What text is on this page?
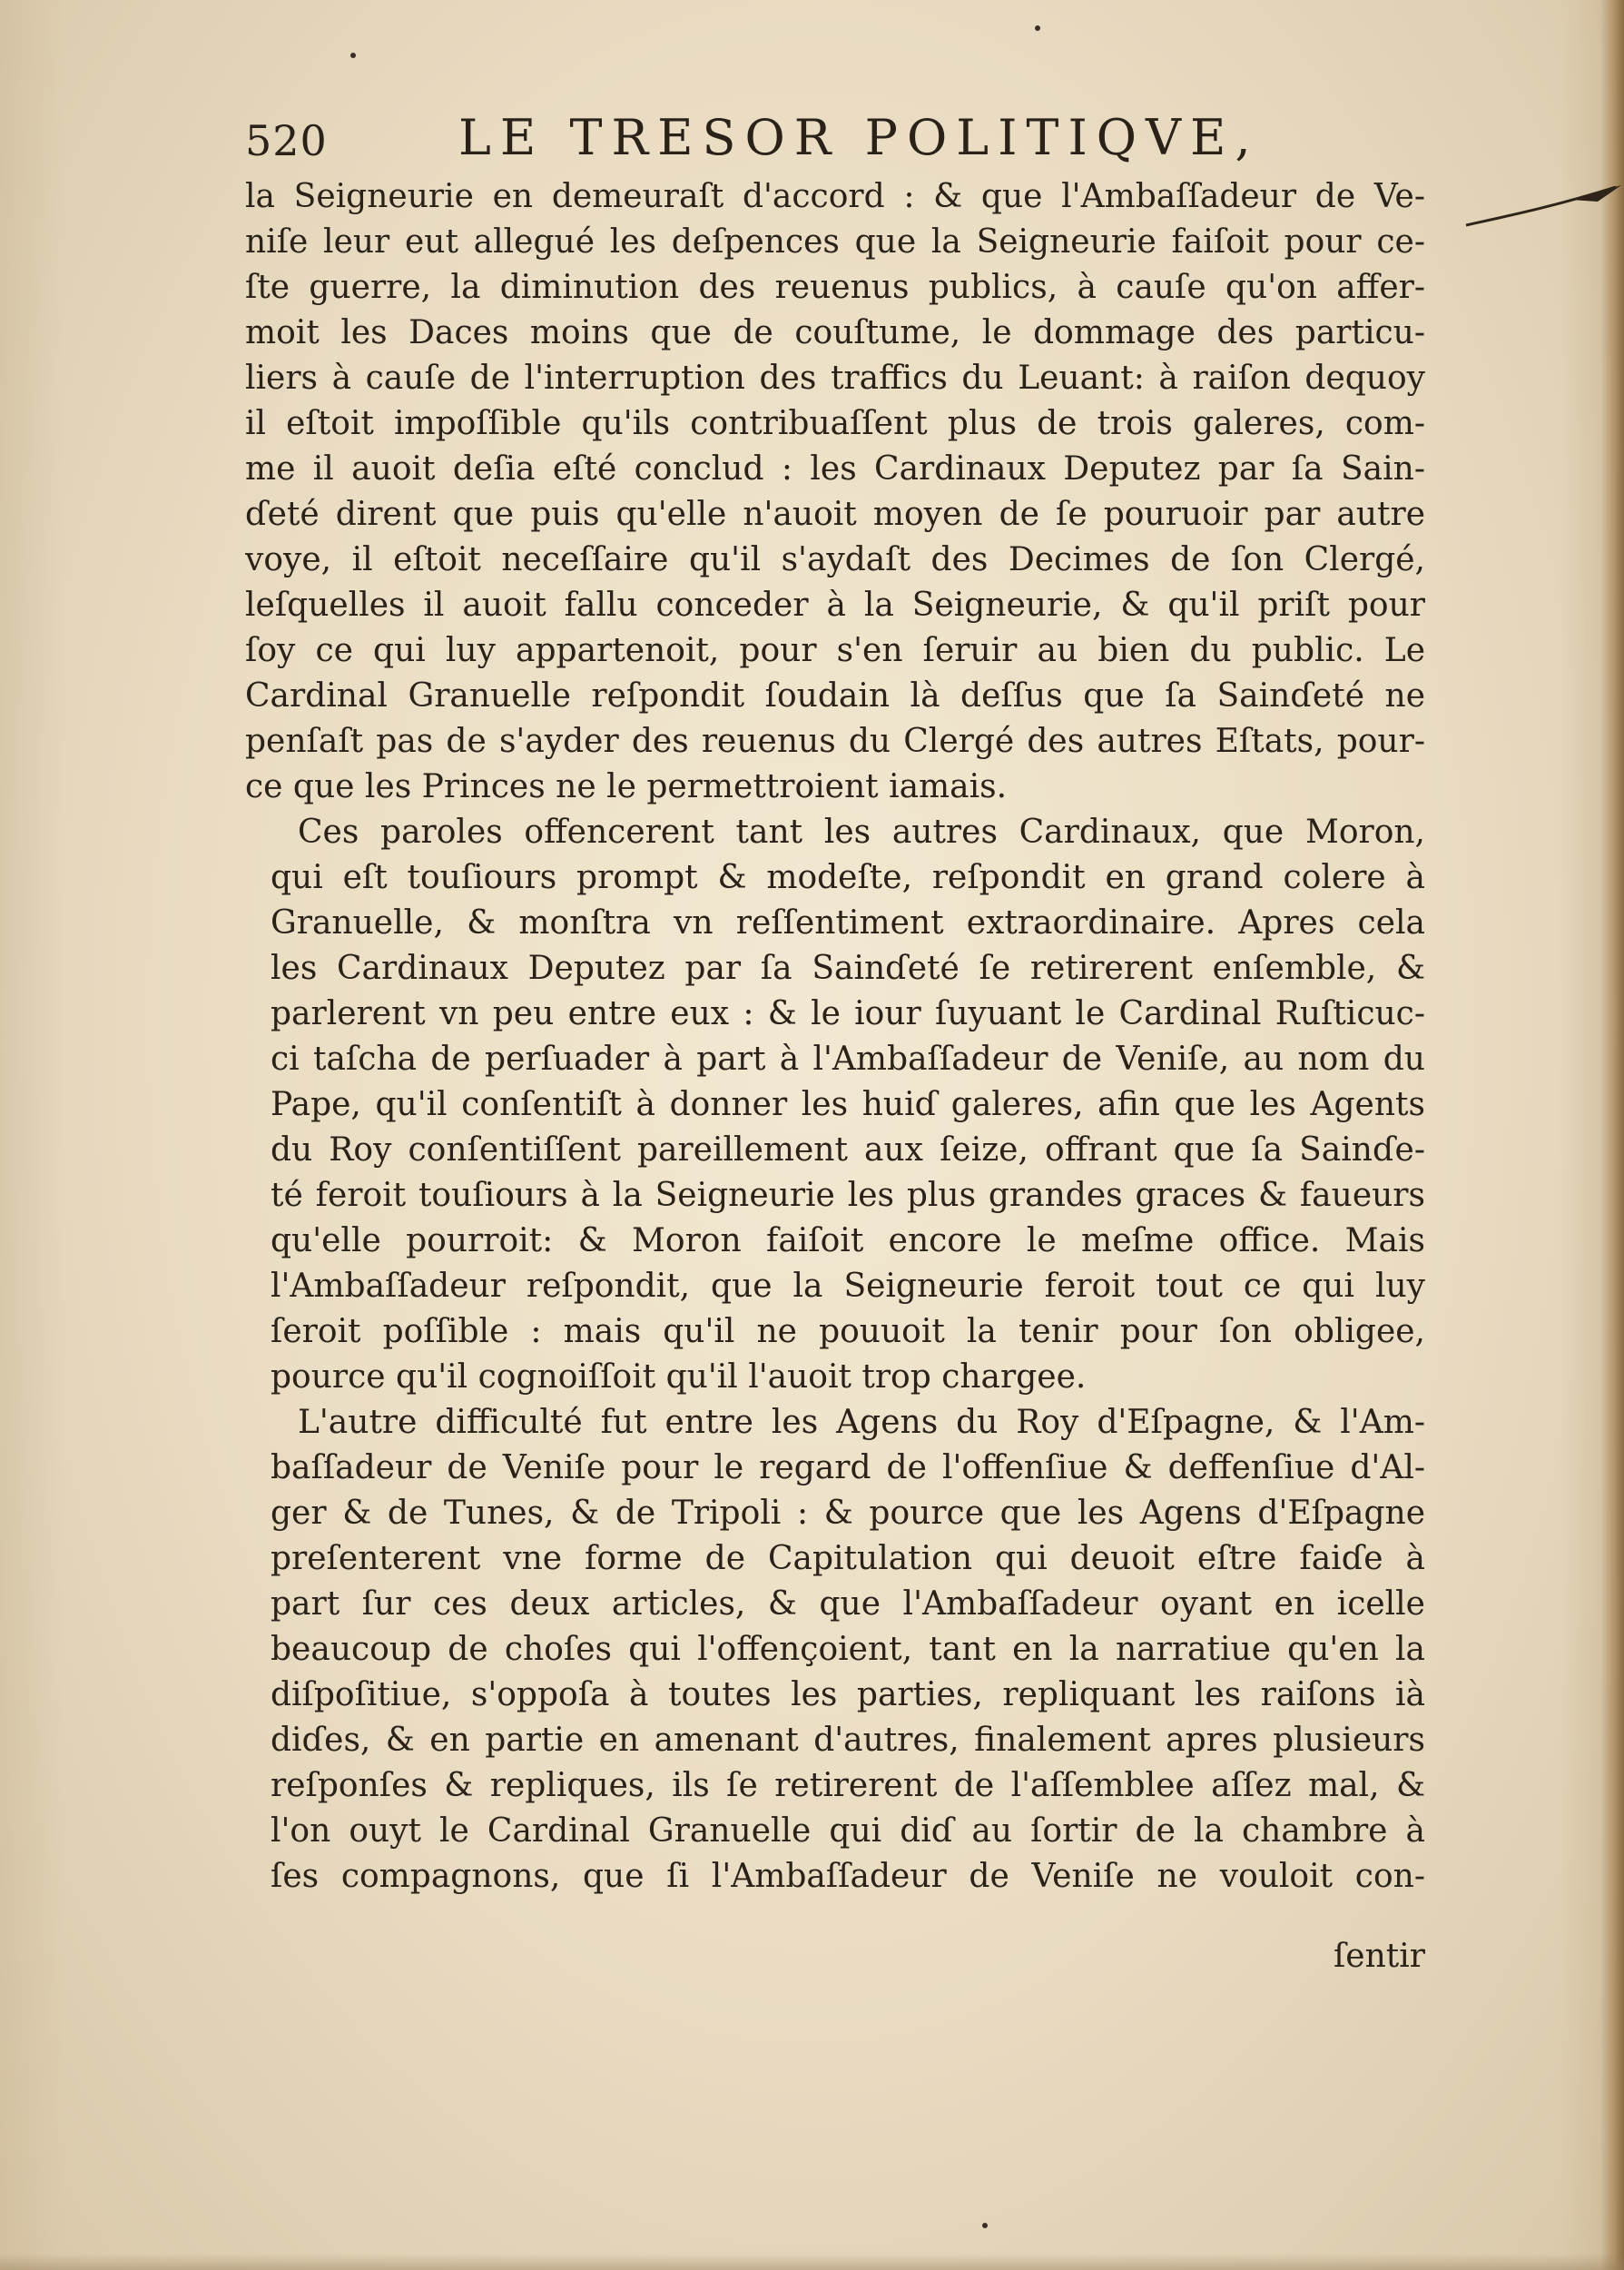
520	LE TRESOR POLITIQVE,
la Seigneurie en demeuraſt d'accord : & que l'Ambaſſadeur de Ve-
niſe leur eut allegué les deſpences que la Seigneurie faiſoit pour ce-
ſte guerre, la diminution des reuenus publics, à cauſe qu'on affer-
moit les Daces moins que de couſtume, le dommage des particu-
liers à cauſe de l'interruption des traffics du Leuant: à raiſon dequoy
il eſtoit impoſſible qu'ils contribuaſſent plus de trois galeres, com-
me il auoit deſia eſté conclud : les Cardinaux Deputez par ſa Sain-
ɗeté dirent que puis qu'elle n'auoit moyen de ſe pouruoir par autre
voye, il eſtoit neceſſaire qu'il s'aydaſt des Decimes de ſon Clergé,
leſquelles il auoit fallu conceder à la Seigneurie, & qu'il priſt pour
ſoy ce qui luy appartenoit, pour s'en ſeruir au bien du public. Le
Cardinal Granuelle reſpondit ſoudain là deſſus que ſa Sainɗeté ne
penſaſt pas de s'ayder des reuenus du Clergé des autres Eſtats, pour-
ce que les Princes ne le permettroient iamais.
Ces paroles offencerent tant les autres Cardinaux, que Moron,
qui eſt touſiours prompt & modeſte, reſpondit en grand colere à
Granuelle, & monſtra vn reſſentiment extraordinaire. Apres cela
les Cardinaux Deputez par ſa Sainɗeté ſe retirerent enſemble, &
parlerent vn peu entre eux : & le iour ſuyuant le Cardinal Ruſticuc-
ci taſcha de perſuader à part à l'Ambaſſadeur de Veniſe, au nom du
Pape, qu'il conſentiſt à donner les huiɗ galeres, afin que les Agents
du Roy conſentiſſent pareillement aux ſeize, offrant que ſa Sainɗe-
té feroit touſiours à la Seigneurie les plus grandes graces & faueurs
qu'elle pourroit: & Moron faiſoit encore le meſme office. Mais
l'Ambaſſadeur reſpondit, que la Seigneurie feroit tout ce qui luy
ſeroit poſſible : mais qu'il ne pouuoit la tenir pour ſon obligee,
pource qu'il cognoiſſoit qu'il l'auoit trop chargee.
L'autre difficulté fut entre les Agens du Roy d'Eſpagne, & l'Am-
baſſadeur de Veniſe pour le regard de l'offenſiue & deffenſiue d'Al-
ger & de Tunes, & de Tripoli : & pource que les Agens d'Eſpagne
preſenterent vne forme de Capitulation qui deuoit eſtre faiɗe à
part ſur ces deux articles, & que l'Ambaſſadeur oyant en icelle
beaucoup de choſes qui l'offençoient, tant en la narratiue qu'en la
diſpoſitiue, s'oppoſa à toutes les parties, repliquant les raiſons ià
diɗes, & en partie en amenant d'autres, finalement apres plusieurs
reſponſes & repliques, ils ſe retirerent de l'aſſemblee aſſez mal, &
l'on ouyt le Cardinal Granuelle qui diɗ au ſortir de la chambre à
ſes compagnons, que ſi l'Ambaſſadeur de Veniſe ne vouloit con-
ſentir
